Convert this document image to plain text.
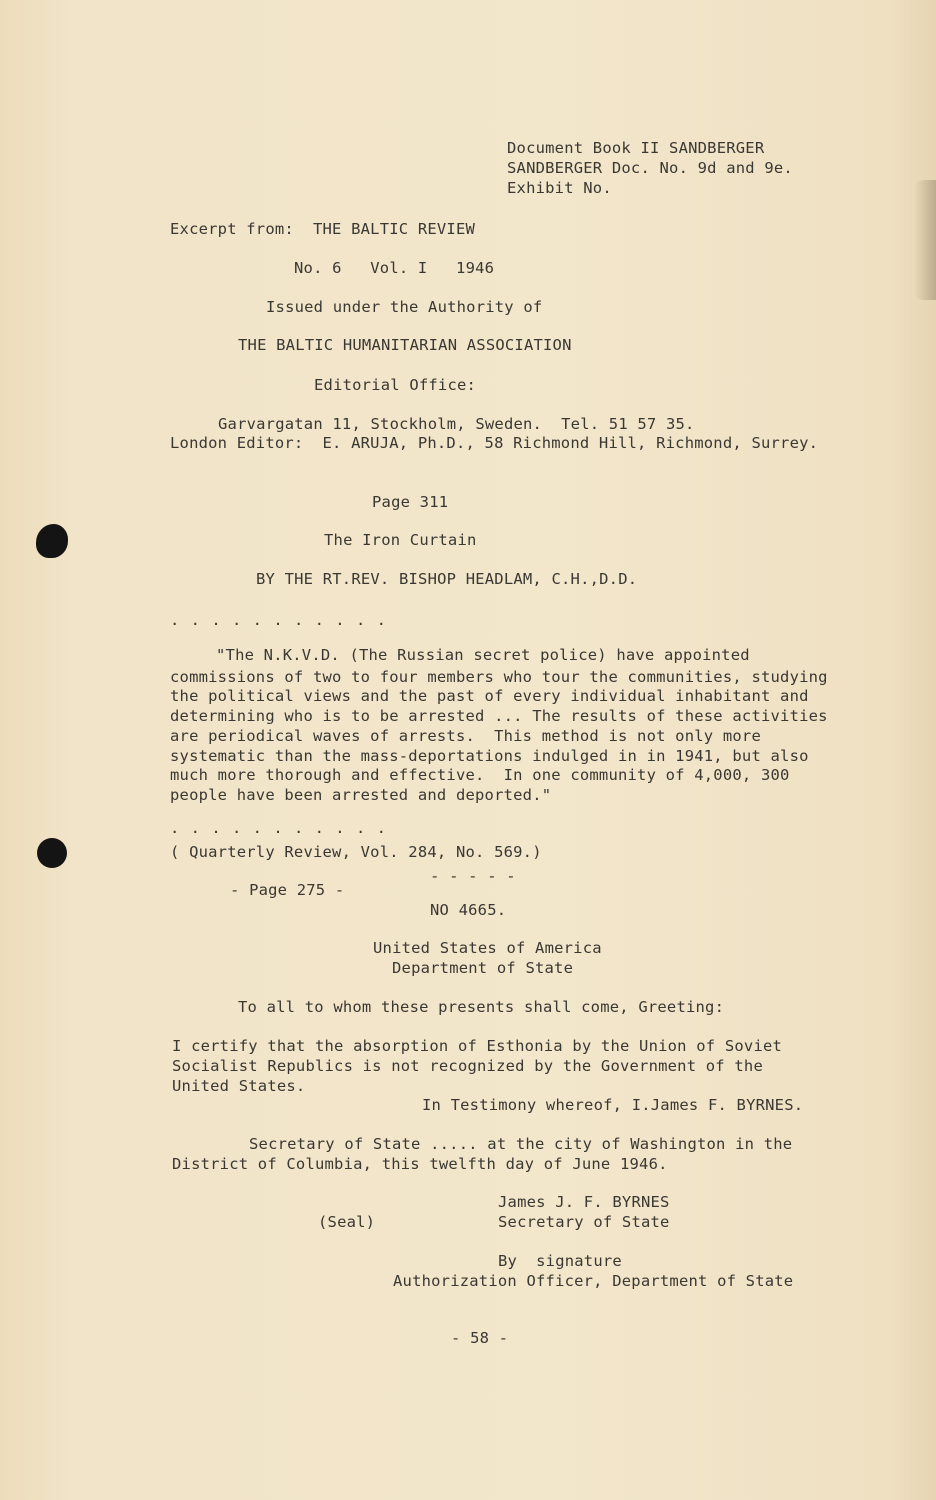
Document Book II SANDBERGER
SANDBERGER Doc. No. 9d and 9e.
Exhibit No.
Excerpt from:  THE BALTIC REVIEW
No. 6   Vol. I   1946
Issued under the Authority of
THE BALTIC HUMANITARIAN ASSOCIATION
Editorial Office:
Garvargatan 11, Stockholm, Sweden.  Tel. 51 57 35.
London Editor:  E. ARUJA, Ph.D., 58 Richmond Hill, Richmond, Surrey.
Page 311
The Iron Curtain
BY THE RT.REV. BISHOP HEADLAM, C.H.,D.D.
. . . . . . . . . . .
"The N.K.V.D. (The Russian secret police) have appointed
commissions of two to four members who tour the communities, studying
the political views and the past of every individual inhabitant and
determining who is to be arrested ... The results of these activities
are periodical waves of arrests.  This method is not only more
systematic than the mass-deportations indulged in in 1941, but also
much more thorough and effective.  In one community of 4,000, 300
people have been arrested and deported."
. . . . . . . . . . .
( Quarterly Review, Vol. 284, No. 569.)
- Page 275 -
- - - - -
NO 4665.
United States of America
Department of State
To all to whom these presents shall come, Greeting:
I certify that the absorption of Esthonia by the Union of Soviet
Socialist Republics is not recognized by the Government of the
United States.
In Testimony whereof, I.James F. BYRNES.
Secretary of State ..... at the city of Washington in the
District of Columbia, this twelfth day of June 1946.
James J. F. BYRNES
(Seal)	Secretary of State
By  signature
Authorization Officer, Department of State
- 58 -
